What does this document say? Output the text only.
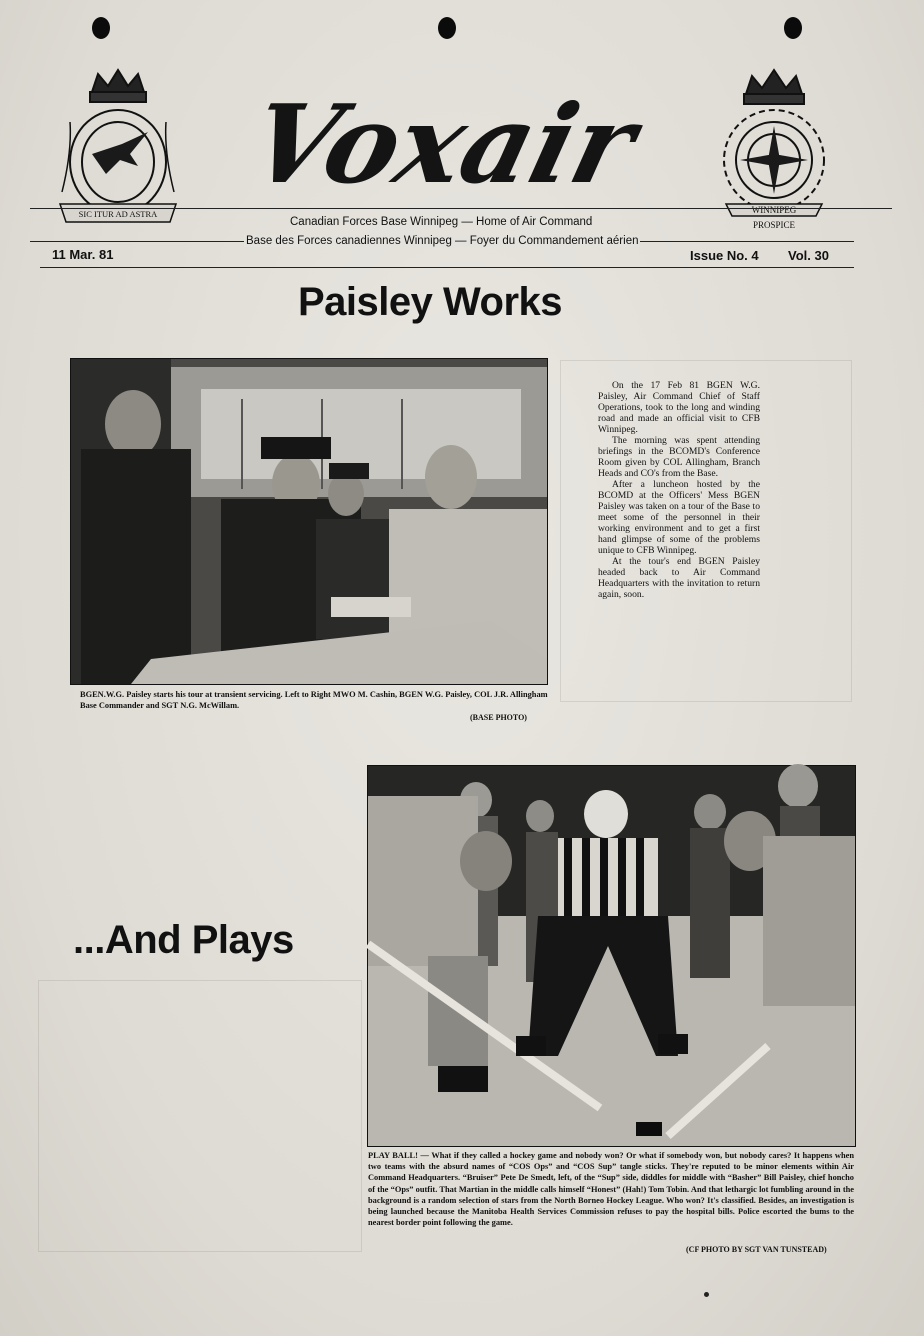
SIC ITUR AD ASTRA
Voxair
WINNIPEG
PROSPICE
Canadian Forces Base Winnipeg — Home of Air Command
Base des Forces canadiennes Winnipeg — Foyer du Commandement aérien
11 Mar. 81	Issue No. 4 Vol. 30
Paisley Works

On the 17 Feb 81 BGEN W.G. Paisley, Air Command Chief of Staff Operations, took to the long and winding road and made an official visit to CFB Winnipeg.

The morning was spent attending briefings in the BCOMD's Conference Room given by COL Allingham, Branch Heads and CO's from the Base.

After a luncheon hosted by the BCOMD at the Officers' Mess BGEN Paisley was taken on a tour of the Base to meet some of the personnel in their working environment and to get a first hand glimpse of some of the problems unique to CFB Winnipeg.

At the tour's end BGEN Paisley headed back to Air Command Headquarters with the invitation to return again, soon.

BGEN.W.G. Paisley starts his tour at transient servicing. Left to Right MWO M. Cashin, BGEN W.G. Paisley, COL J.R. Allingham Base Commander and SGT N.G. McWillam.
(BASE PHOTO)
...And Plays
PLAY BALL! — What if they called a hockey game and nobody won? Or what if somebody won, but nobody cares? It happens when two teams with the absurd names of “COS Ops” and “COS Sup” tangle sticks. They're reputed to be minor elements within Air Command Headquarters. “Bruiser” Pete De Smedt, left, of the “Sup” side, diddles for middle with “Basher” Bill Paisley, chief honcho of the “Ops” outfit. That Martian in the middle calls himself “Honest” (Hah!) Tom Tobin. And that lethargic lot fumbling around in the background is a random selection of stars from the North Borneo Hockey League. Who won? It's classified. Besides, an investigation is being launched because the Manitoba Health Services Commission refuses to pay the hospital bills. Police escorted the bums to the nearest border point following the game.
(CF PHOTO BY SGT VAN TUNSTEAD)
